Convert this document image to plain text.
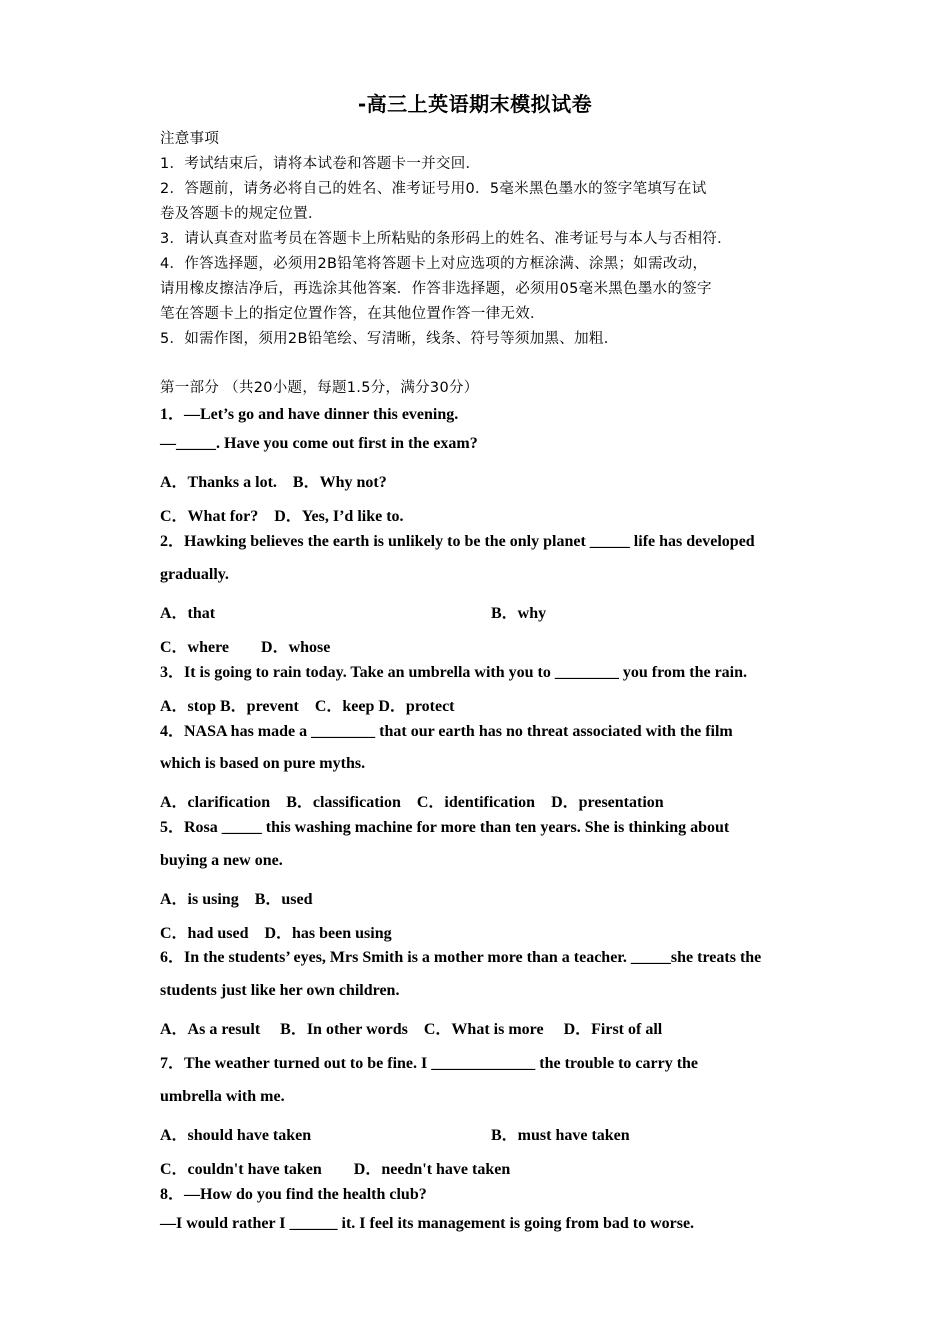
-高三上英语期末模拟试卷
注意事项
1．考试结束后，请将本试卷和答题卡一并交回．
2．答题前，请务必将自己的姓名、准考证号用0．5毫米黑色墨水的签字笔填写在试
卷及答题卡的规定位置．
3．请认真查对监考员在答题卡上所粘贴的条形码上的姓名、准考证号与本人与否相符．
4．作答选择题，必须用2B铅笔将答题卡上对应选项的方框涂满、涂黑；如需改动，
请用橡皮擦洁净后，再选涂其他答案．作答非选择题，必须用05毫米黑色墨水的签字
笔在答题卡上的指定位置作答，在其他位置作答一律无效．
5．如需作图，须用2B铅笔绘、写清晰，线条、符号等须加黑、加粗．
第一部分 （共20小题，每题1.5分，满分30分）
1．—Let’s go and have dinner this evening.
—_____. Have you come out first in the exam?
A．Thanks a lot.　B．Why not?
C．What for?　D．Yes, I’d like to.
2．Hawking believes the earth is unlikely to be the only planet _____ life has developed
gradually.
A．that	B．why
C．where　　D．whose
3．It is going to rain today. Take an umbrella with you to ________ you from the rain.
A．stop B．prevent　C．keep D．protect
4．NASA has made a ________ that our earth has no threat associated with the film
which is based on pure myths.
A．clarification　B．classification　C．identification　D．presentation
5．Rosa _____ this washing machine for more than ten years. She is thinking about
buying a new one.
A．is using　B．used
C．had used　D．has been using
6．In the students’ eyes, Mrs Smith is a mother more than a teacher. _____she treats the
students just like her own children.
A．As a result　 B．In other words　C．What is more　 D．First of all
7．The weather turned out to be fine. I _____________ the trouble to carry the
umbrella with me.
A．should have taken	B．must have taken
C．couldn't have taken　　D．needn't have taken
8．—How do you find the health club?
—I would rather I ______ it. I feel its management is going from bad to worse.
